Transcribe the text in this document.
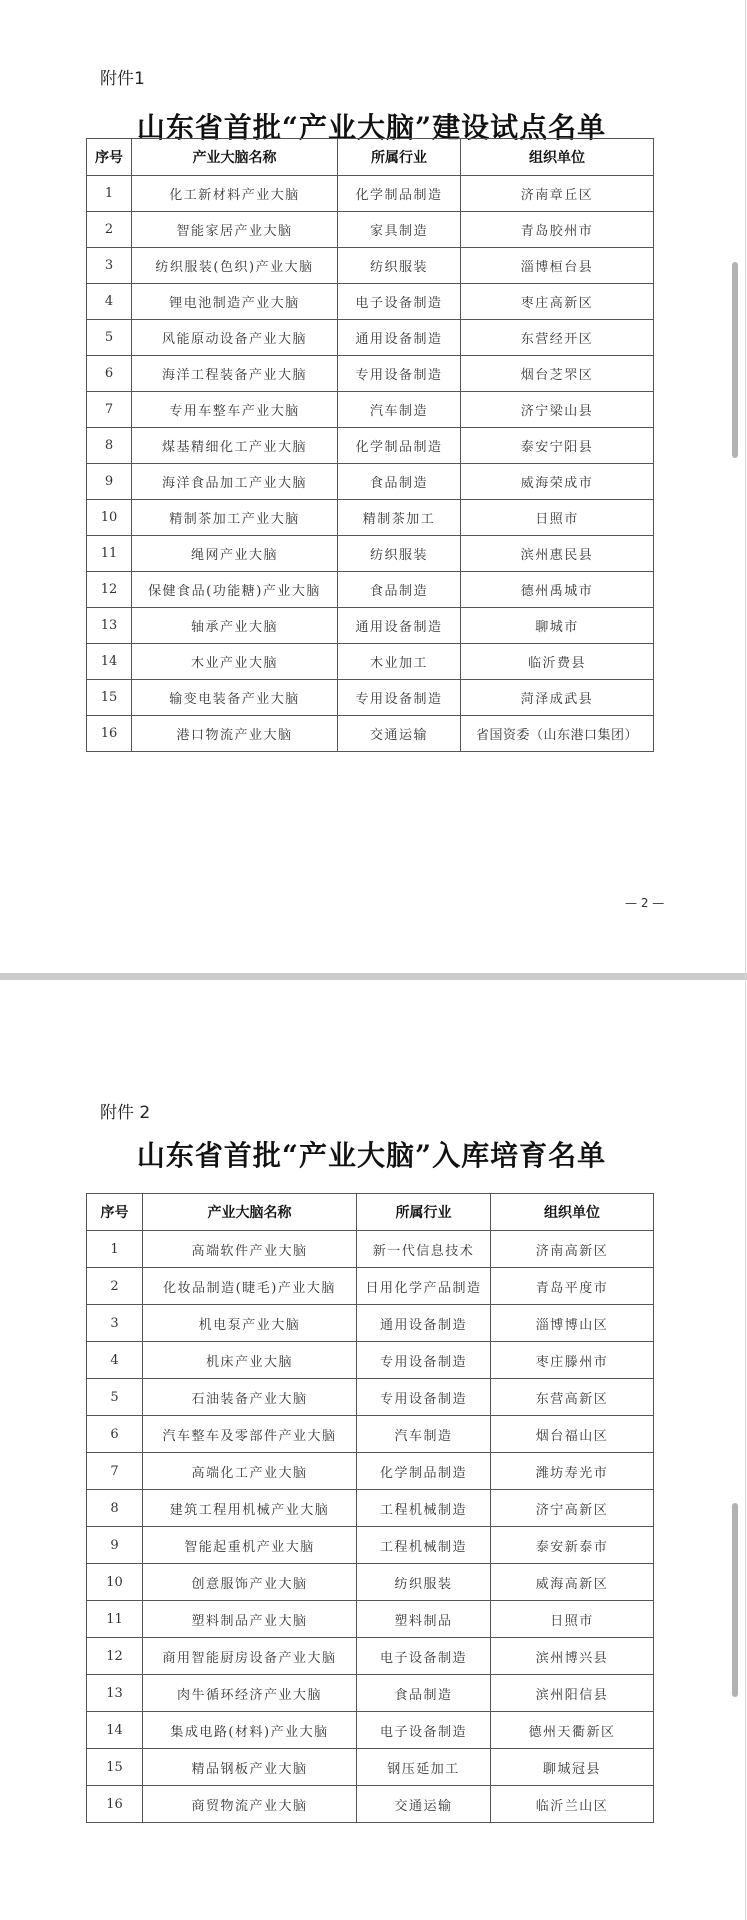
附件1
山东省首批“产业大脑”建设试点名单
序号	产业大脑名称	所属行业	组织单位
1	化工新材料产业大脑	化学制品制造	济南章丘区
2	智能家居产业大脑	家具制造	青岛胶州市
3	纺织服装(色织)产业大脑	纺织服装	淄博桓台县
4	锂电池制造产业大脑	电子设备制造	枣庄高新区
5	风能原动设备产业大脑	通用设备制造	东营经开区
6	海洋工程装备产业大脑	专用设备制造	烟台芝罘区
7	专用车整车产业大脑	汽车制造	济宁梁山县
8	煤基精细化工产业大脑	化学制品制造	泰安宁阳县
9	海洋食品加工产业大脑	食品制造	威海荣成市
10	精制茶加工产业大脑	精制茶加工	日照市
11	绳网产业大脑	纺织服装	滨州惠民县
12	保健食品(功能糖)产业大脑	食品制造	德州禹城市
13	轴承产业大脑	通用设备制造	聊城市
14	木业产业大脑	木业加工	临沂费县
15	输变电装备产业大脑	专用设备制造	菏泽成武县
16	港口物流产业大脑	交通运输	省国资委（山东港口集团）
— 2 —
附件 2
山东省首批“产业大脑”入库培育名单
序号	产业大脑名称	所属行业	组织单位
1	高端软件产业大脑	新一代信息技术	济南高新区
2	化妆品制造(睫毛)产业大脑	日用化学产品制造	青岛平度市
3	机电泵产业大脑	通用设备制造	淄博博山区
4	机床产业大脑	专用设备制造	枣庄滕州市
5	石油装备产业大脑	专用设备制造	东营高新区
6	汽车整车及零部件产业大脑	汽车制造	烟台福山区
7	高端化工产业大脑	化学制品制造	潍坊寿光市
8	建筑工程用机械产业大脑	工程机械制造	济宁高新区
9	智能起重机产业大脑	工程机械制造	泰安新泰市
10	创意服饰产业大脑	纺织服装	威海高新区
11	塑料制品产业大脑	塑料制品	日照市
12	商用智能厨房设备产业大脑	电子设备制造	滨州博兴县
13	肉牛循环经济产业大脑	食品制造	滨州阳信县
14	集成电路(材料)产业大脑	电子设备制造	德州天衢新区
15	精品钢板产业大脑	钢压延加工	聊城冠县
16	商贸物流产业大脑	交通运输	临沂兰山区
